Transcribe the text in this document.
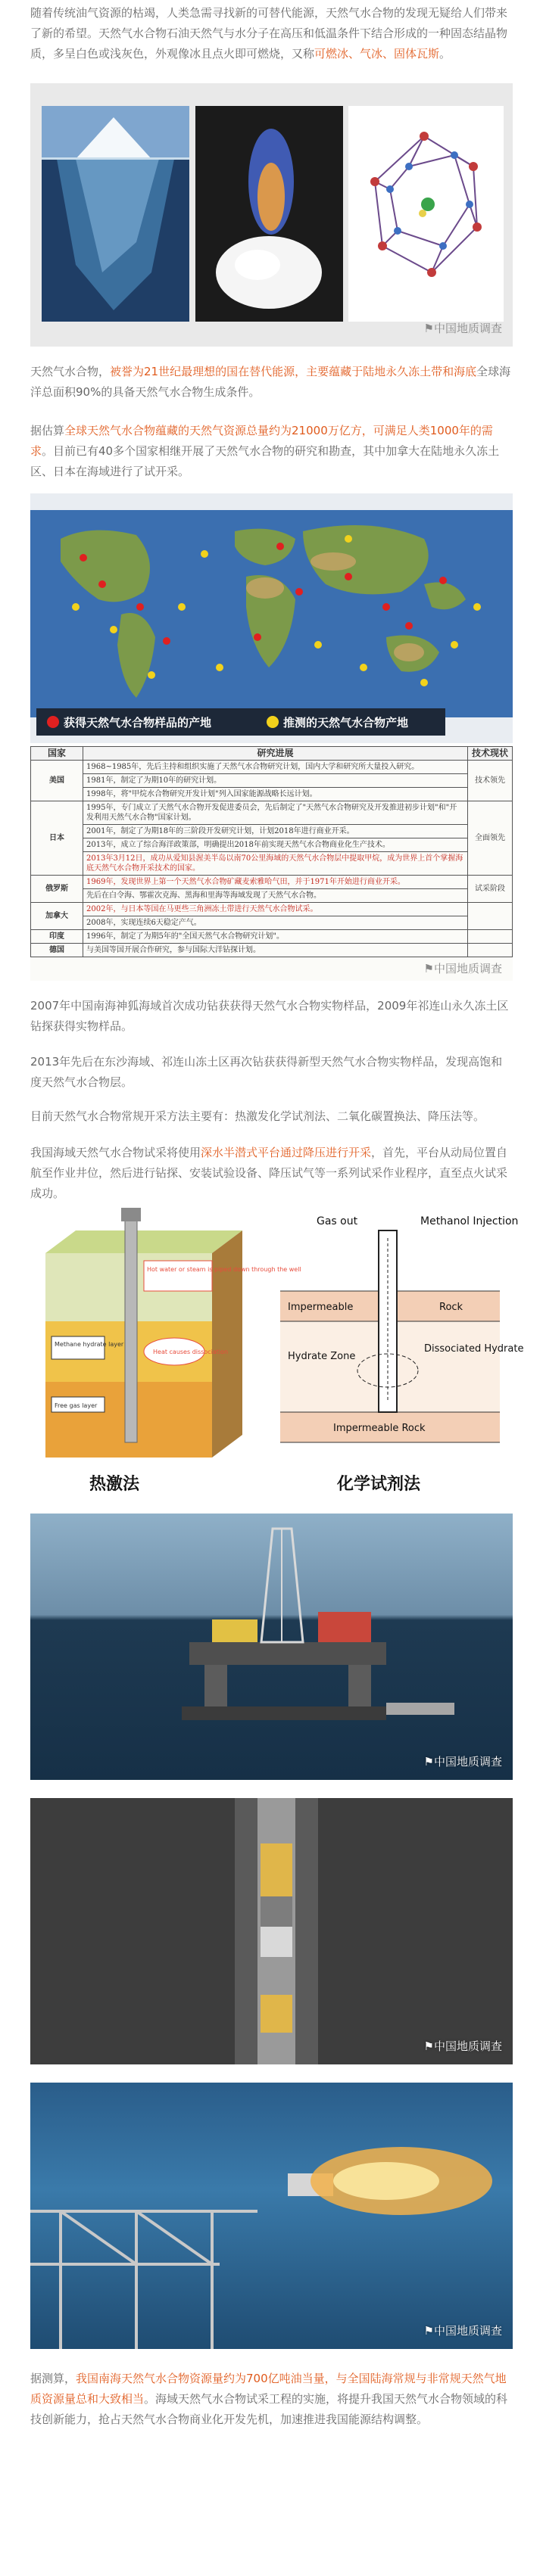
随着传统油气资源的枯竭，人类急需寻找新的可替代能源，天然气水合物的发现无疑给人们带来了新的希望。天然气水合物石油天然气与水分子在高压和低温条件下结合形成的一种固态结晶物质，多呈白色或浅灰色，外观像冰且点火即可燃烧，又称可燃冰、气冰、固体瓦斯。

⚑ 中国地质调查

天然气水合物，被誉为21世纪最理想的国在替代能源，主要蕴藏于陆地永久冻土带和海底全球海洋总面积90%的具备天然气水合物生成条件。

据估算全球天然气水合物蕴藏的天然气资源总量约为21000万亿方，可满足人类1000年的需求。目前已有40多个国家相继开展了天然气水合物的研究和勘查，其中加拿大在陆地永久冻土区、日本在海域进行了试开采。

获得天然气水合物样品的产地	推测的天然气水合物产地
国家	研究进展	技术现状
美国	1968~1985年，先后主持和组织实施了天然气水合物研究计划，国内大学和研究所大量投入研究。	技术领先
	1981年，制定了为期10年的研究计划。	
	1998年，将"甲烷水合物研究开发计划"列入国家能源战略长远计划。	
日本	1995年，专门成立了天然气水合物开发促进委员会，先后制定了"天然气水合物研究及开发推进初步计划"和"开发利用天然气水合物"国家计划。	全面领先
	2001年，制定了为期18年的三阶段开发研究计划，计划2018年进行商业开采。	
	2013年，成立了综合海洋政策部，明确提出2018年前实现天然气水合物商业化生产技术。	
	2013年3月12日，成功从爱知县渥美半岛以南70公里海域的天然气水合物层中提取甲烷，成为世界上首个掌握海底天然气水合物开采技术的国家。	
俄罗斯	1969年，发现世界上第一个天然气水合物矿藏麦索雅哈气田，并于1971年开始进行商业开采。	试采阶段
	先后在白令海、鄂霍次克海、黑海和里海等海域发现了天然气水合物。	
加拿大	2002年，与日本等国在马更些三角洲冻土带进行天然气水合物试采。	
	2008年，实现连续6天稳定产气。	
印度	1996年，制定了为期5年的"全国天然气水合物研究计划"。	
德国	与美国等国开展合作研究，参与国际大洋钻探计划。	
⚑ 中国地质调查

2007年中国南海神狐海域首次成功钻获获得天然气水合物实物样品，2009年祁连山永久冻土区钻探获得实物样品。

2013年先后在东沙海域、祁连山冻土区再次钻获获得新型天然气水合物实物样品，发现高饱和度天然气水合物层。

目前天然气水合物常规开采方法主要有：热激发化学试剂法、二氧化碳置换法、降压法等。

我国海域天然气水合物试采将使用深水半潜式平台通过降压进行开采，首先，平台从动局位置自航至作业井位，然后进行钻探、安装试验设备、降压试气等一系列试采作业程序，直至点火试采成功。

Hot water or steam is piped down through the well
Methane hydrate layer
Free gas layer
Heat causes dissociation
热激法
Gas out	Methanol Injection
Impermeable	Rock
Hydrate Zone
Dissociated Hydrate
Impermeable Rock
化学试剂法
⚑ 中国地质调查
⚑ 中国地质调查
⚑ 中国地质调查

据测算，我国南海天然气水合物资源量约为700亿吨油当量，与全国陆海常规与非常规天然气地质资源量总和大致相当。海域天然气水合物试采工程的实施，将提升我国天然气水合物领域的科技创新能力，抢占天然气水合物商业化开发先机，加速推进我国能源结构调整。
